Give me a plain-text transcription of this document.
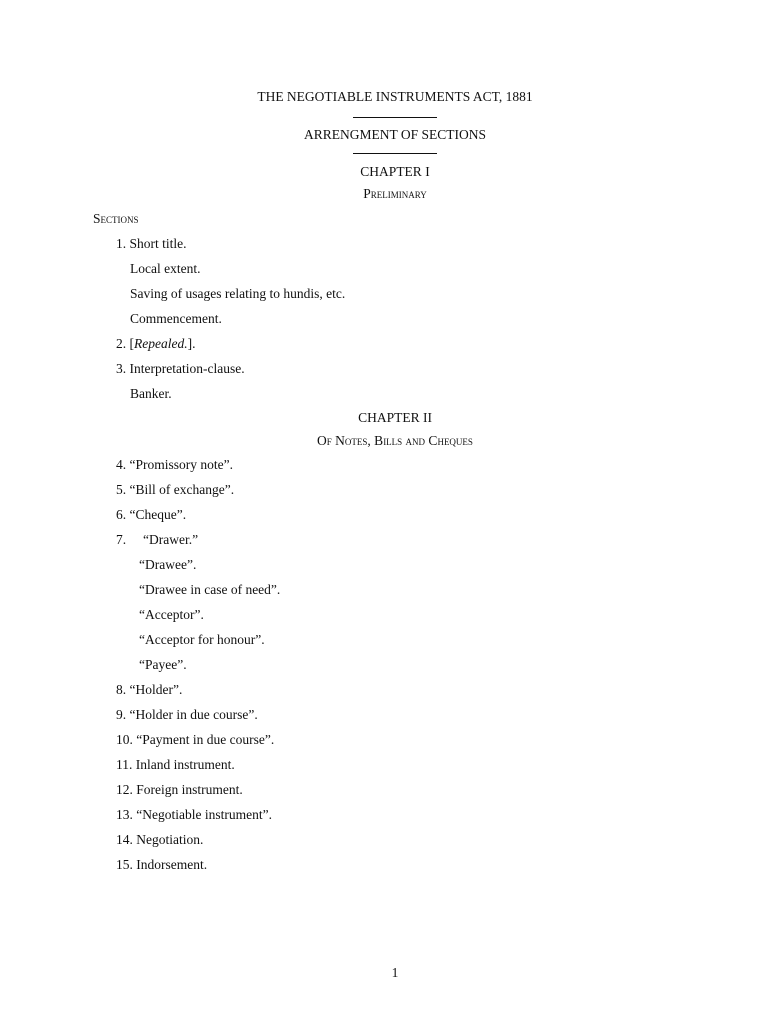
THE NEGOTIABLE INSTRUMENTS ACT, 1881
ARRENGMENT OF SECTIONS
CHAPTER I
Preliminary
Sections
1. Short title.
Local extent.
Saving of usages relating to hundis, etc.
Commencement.
2. [Repealed.].
3. Interpretation-clause.
Banker.
CHAPTER II
Of Notes, Bills and Cheques
4. “Promissory note”.
5. “Bill of exchange”.
6. “Cheque”.
7. “Drawer.”
“Drawee”.
“Drawee in case of need”.
“Acceptor”.
“Acceptor for honour”.
“Payee”.
8. “Holder”.
9. “Holder in due course”.
10. “Payment in due course”.
11. Inland instrument.
12. Foreign instrument.
13. “Negotiable instrument”.
14. Negotiation.
15. Indorsement.
1
